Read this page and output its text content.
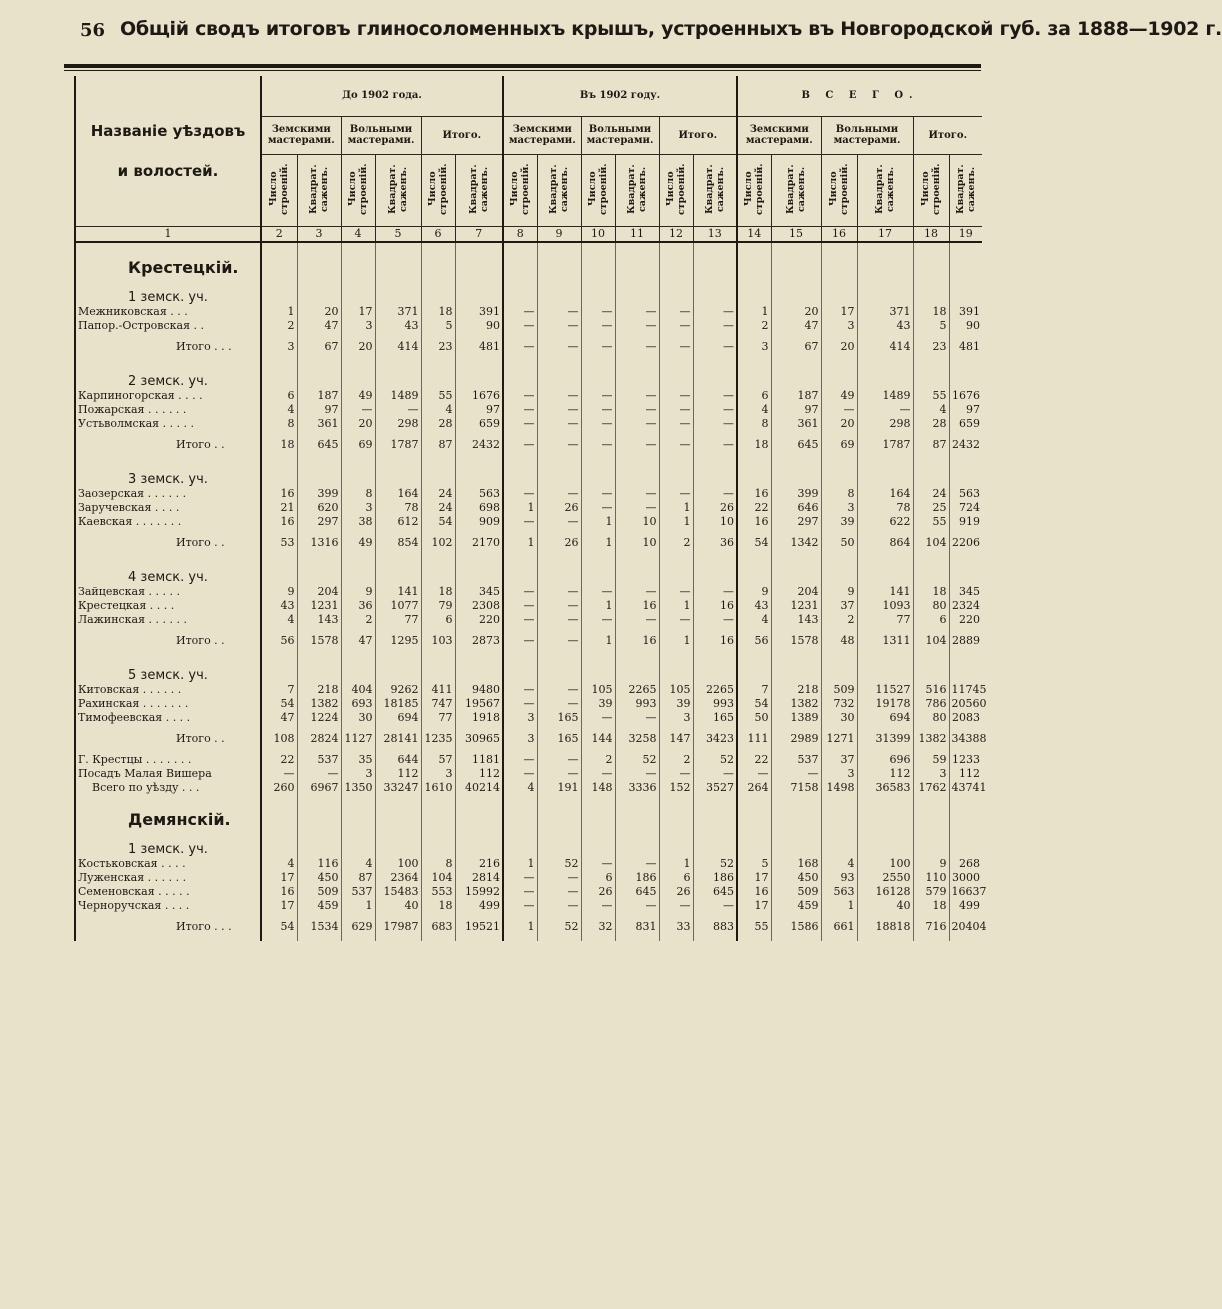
56 Общій сводъ итоговъ глиносоломенныхъ крышъ, устроенныхъ въ Новгородской губ. за 1888—1902 г.
Названіе уѣздовъ
и волостей.	До 1902 года.						Въ 1902 году.						В С Е Г О.					
	Земскими мастерами.		Вольными мастерами.		Итого.		Земскими мастерами.		Вольными мастерами.		Итого.		Земскими мастерами.		Вольными мастерами.		Итого.	
	Число строеній.	Квадрат. саженъ.	Число строеній.	Квадрат. саженъ.	Число строеній.	Квадрат. саженъ.	Число строеній.	Квадрат. саженъ.	Число строеній.	Квадрат. саженъ.	Число строеній.	Квадрат. саженъ.	Число строеній.	Квадрат. саженъ.	Число строеній.	Квадрат. саженъ.	Число строеній.	Квадрат. саженъ.
1	2	3	4	5	6	7	8	9	10	11	12	13	14	15	16	17	18	19
Крестецкій.																		
1 земск. уч.																		
Межниковская . . .	1	20	17	371	18	391	—	—	—	—	—	—	1	20	17	371	18	391
Папор.-Островская . .	2	47	3	43	5	90	—	—	—	—	—	—	2	47	3	43	5	90
Итого . . .	3	67	20	414	23	481	—	—	—	—	—	—	3	67	20	414	23	481
2 земск. уч.																		
Карпиногорская . . . .	6	187	49	1489	55	1676	—	—	—	—	—	—	6	187	49	1489	55	1676
Пожарская . . . . . .	4	97	—	—	4	97	—	—	—	—	—	—	4	97	—	—	4	97
Устьволмская . . . . .	8	361	20	298	28	659	—	—	—	—	—	—	8	361	20	298	28	659
Итого . .	18	645	69	1787	87	2432	—	—	—	—	—	—	18	645	69	1787	87	2432
3 земск. уч.																		
Заозерская . . . . . .	16	399	8	164	24	563	—	—	—	—	—	—	16	399	8	164	24	563
Заручевская . . . .	21	620	3	78	24	698	1	26	—	—	1	26	22	646	3	78	25	724
Каевская . . . . . . .	16	297	38	612	54	909	—	—	1	10	1	10	16	297	39	622	55	919
Итого . .	53	1316	49	854	102	2170	1	26	1	10	2	36	54	1342	50	864	104	2206
4 земск. уч.																		
Зайцевская . . . . .	9	204	9	141	18	345	—	—	—	—	—	—	9	204	9	141	18	345
Крестецкая . . . .	43	1231	36	1077	79	2308	—	—	1	16	1	16	43	1231	37	1093	80	2324
Лажинская . . . . . .	4	143	2	77	6	220	—	—	—	—	—	—	4	143	2	77	6	220
Итого . .	56	1578	47	1295	103	2873	—	—	1	16	1	16	56	1578	48	1311	104	2889
5 земск. уч.																		
Китовская . . . . . .	7	218	404	9262	411	9480	—	—	105	2265	105	2265	7	218	509	11527	516	11745
Рахинская . . . . . . .	54	1382	693	18185	747	19567	—	—	39	993	39	993	54	1382	732	19178	786	20560
Тимофеевская . . . .	47	1224	30	694	77	1918	3	165	—	—	3	165	50	1389	30	694	80	2083
Итого . .	108	2824	1127	28141	1235	30965	3	165	144	3258	147	3423	111	2989	1271	31399	1382	34388
Г. Крестцы . . . . . . .	22	537	35	644	57	1181	—	—	2	52	2	52	22	537	37	696	59	1233
Посадъ Малая Вишера	—	—	3	112	3	112	—	—	—	—	—	—	—	—	3	112	3	112
Всего по уѣзду . . .	260	6967	1350	33247	1610	40214	4	191	148	3336	152	3527	264	7158	1498	36583	1762	43741
Демянскій.																		
1 земск. уч.																		
Костьковская . . . .	4	116	4	100	8	216	1	52	—	—	1	52	5	168	4	100	9	268
Луженская . . . . . .	17	450	87	2364	104	2814	—	—	6	186	6	186	17	450	93	2550	110	3000
Семеновская . . . . .	16	509	537	15483	553	15992	—	—	26	645	26	645	16	509	563	16128	579	16637
Черноручская . . . .	17	459	1	40	18	499	—	—	—	—	—	—	17	459	1	40	18	499
Итого . . .	54	1534	629	17987	683	19521	1	52	32	831	33	883	55	1586	661	18818	716	20404
